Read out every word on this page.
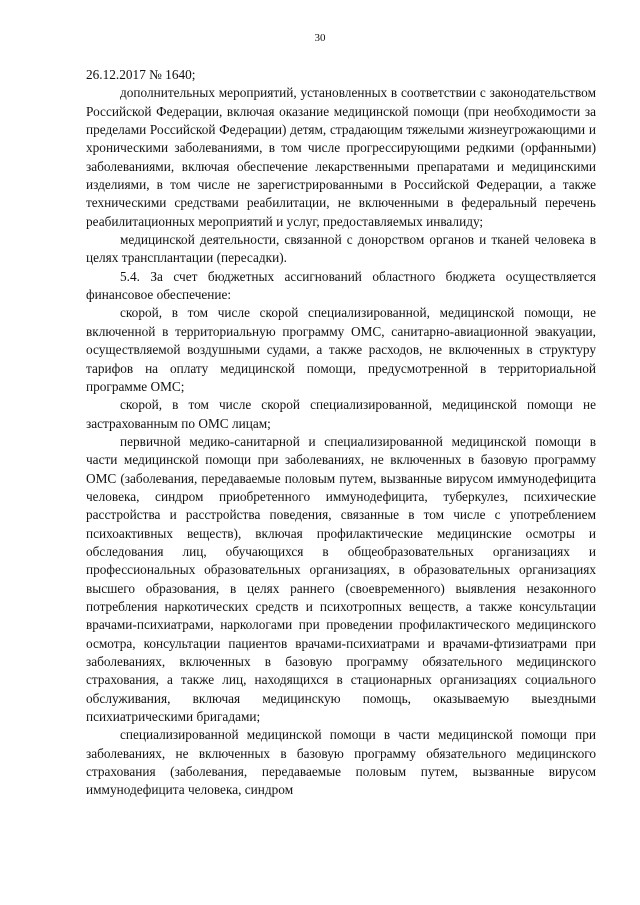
30

26.12.2017 № 1640;

дополнительных мероприятий, установленных в соответствии с законодательством Российской Федерации, включая оказание медицинской помощи (при необходимости за пределами Российской Федерации) детям, страдающим тяжелыми жизнеугрожающими и хроническими заболеваниями, в том числе прогрессирующими редкими (орфанными) заболеваниями, включая обеспечение лекарственными препаратами и медицинскими изделиями, в том числе не зарегистрированными в Российской Федерации, а также техническими средствами реабилитации, не включенными в федеральный перечень реабилитационных мероприятий и услуг, предоставляемых инвалиду;

медицинской деятельности, связанной с донорством органов и тканей человека в целях трансплантации (пересадки).

5.4. За счет бюджетных ассигнований областного бюджета осуществляется финансовое обеспечение:

скорой, в том числе скорой специализированной, медицинской помощи, не включенной в территориальную программу ОМС, санитарно-авиационной эвакуации, осуществляемой воздушными судами, а также расходов, не включенных в структуру тарифов на оплату медицинской помощи, предусмотренной в территориальной программе ОМС;

скорой, в том числе скорой специализированной, медицинской помощи не застрахованным по ОМС лицам;

первичной медико-санитарной и специализированной медицинской помощи в части медицинской помощи при заболеваниях, не включенных в базовую программу ОМС (заболевания, передаваемые половым путем, вызванные вирусом иммунодефицита человека, синдром приобретенного иммунодефицита, туберкулез, психические расстройства и расстройства поведения, связанные в том числе с употреблением психоактивных веществ), включая профилактические медицинские осмотры и обследования лиц, обучающихся в общеобразовательных организациях и профессиональных образовательных организациях, в образовательных организациях высшего образования, в целях раннего (своевременного) выявления незаконного потребления наркотических средств и психотропных веществ, а также консультации врачами-психиатрами, наркологами при проведении профилактического медицинского осмотра, консультации пациентов врачами-психиатрами и врачами-фтизиатрами при заболеваниях, включенных в базовую программу обязательного медицинского страхования, а также лиц, находящихся в стационарных организациях социального обслуживания, включая медицинскую помощь, оказываемую выездными психиатрическими бригадами;

специализированной медицинской помощи в части медицинской помощи при заболеваниях, не включенных в базовую программу обязательного медицинского страхования (заболевания, передаваемые половым путем, вызванные вирусом иммунодефицита человека, синдром
